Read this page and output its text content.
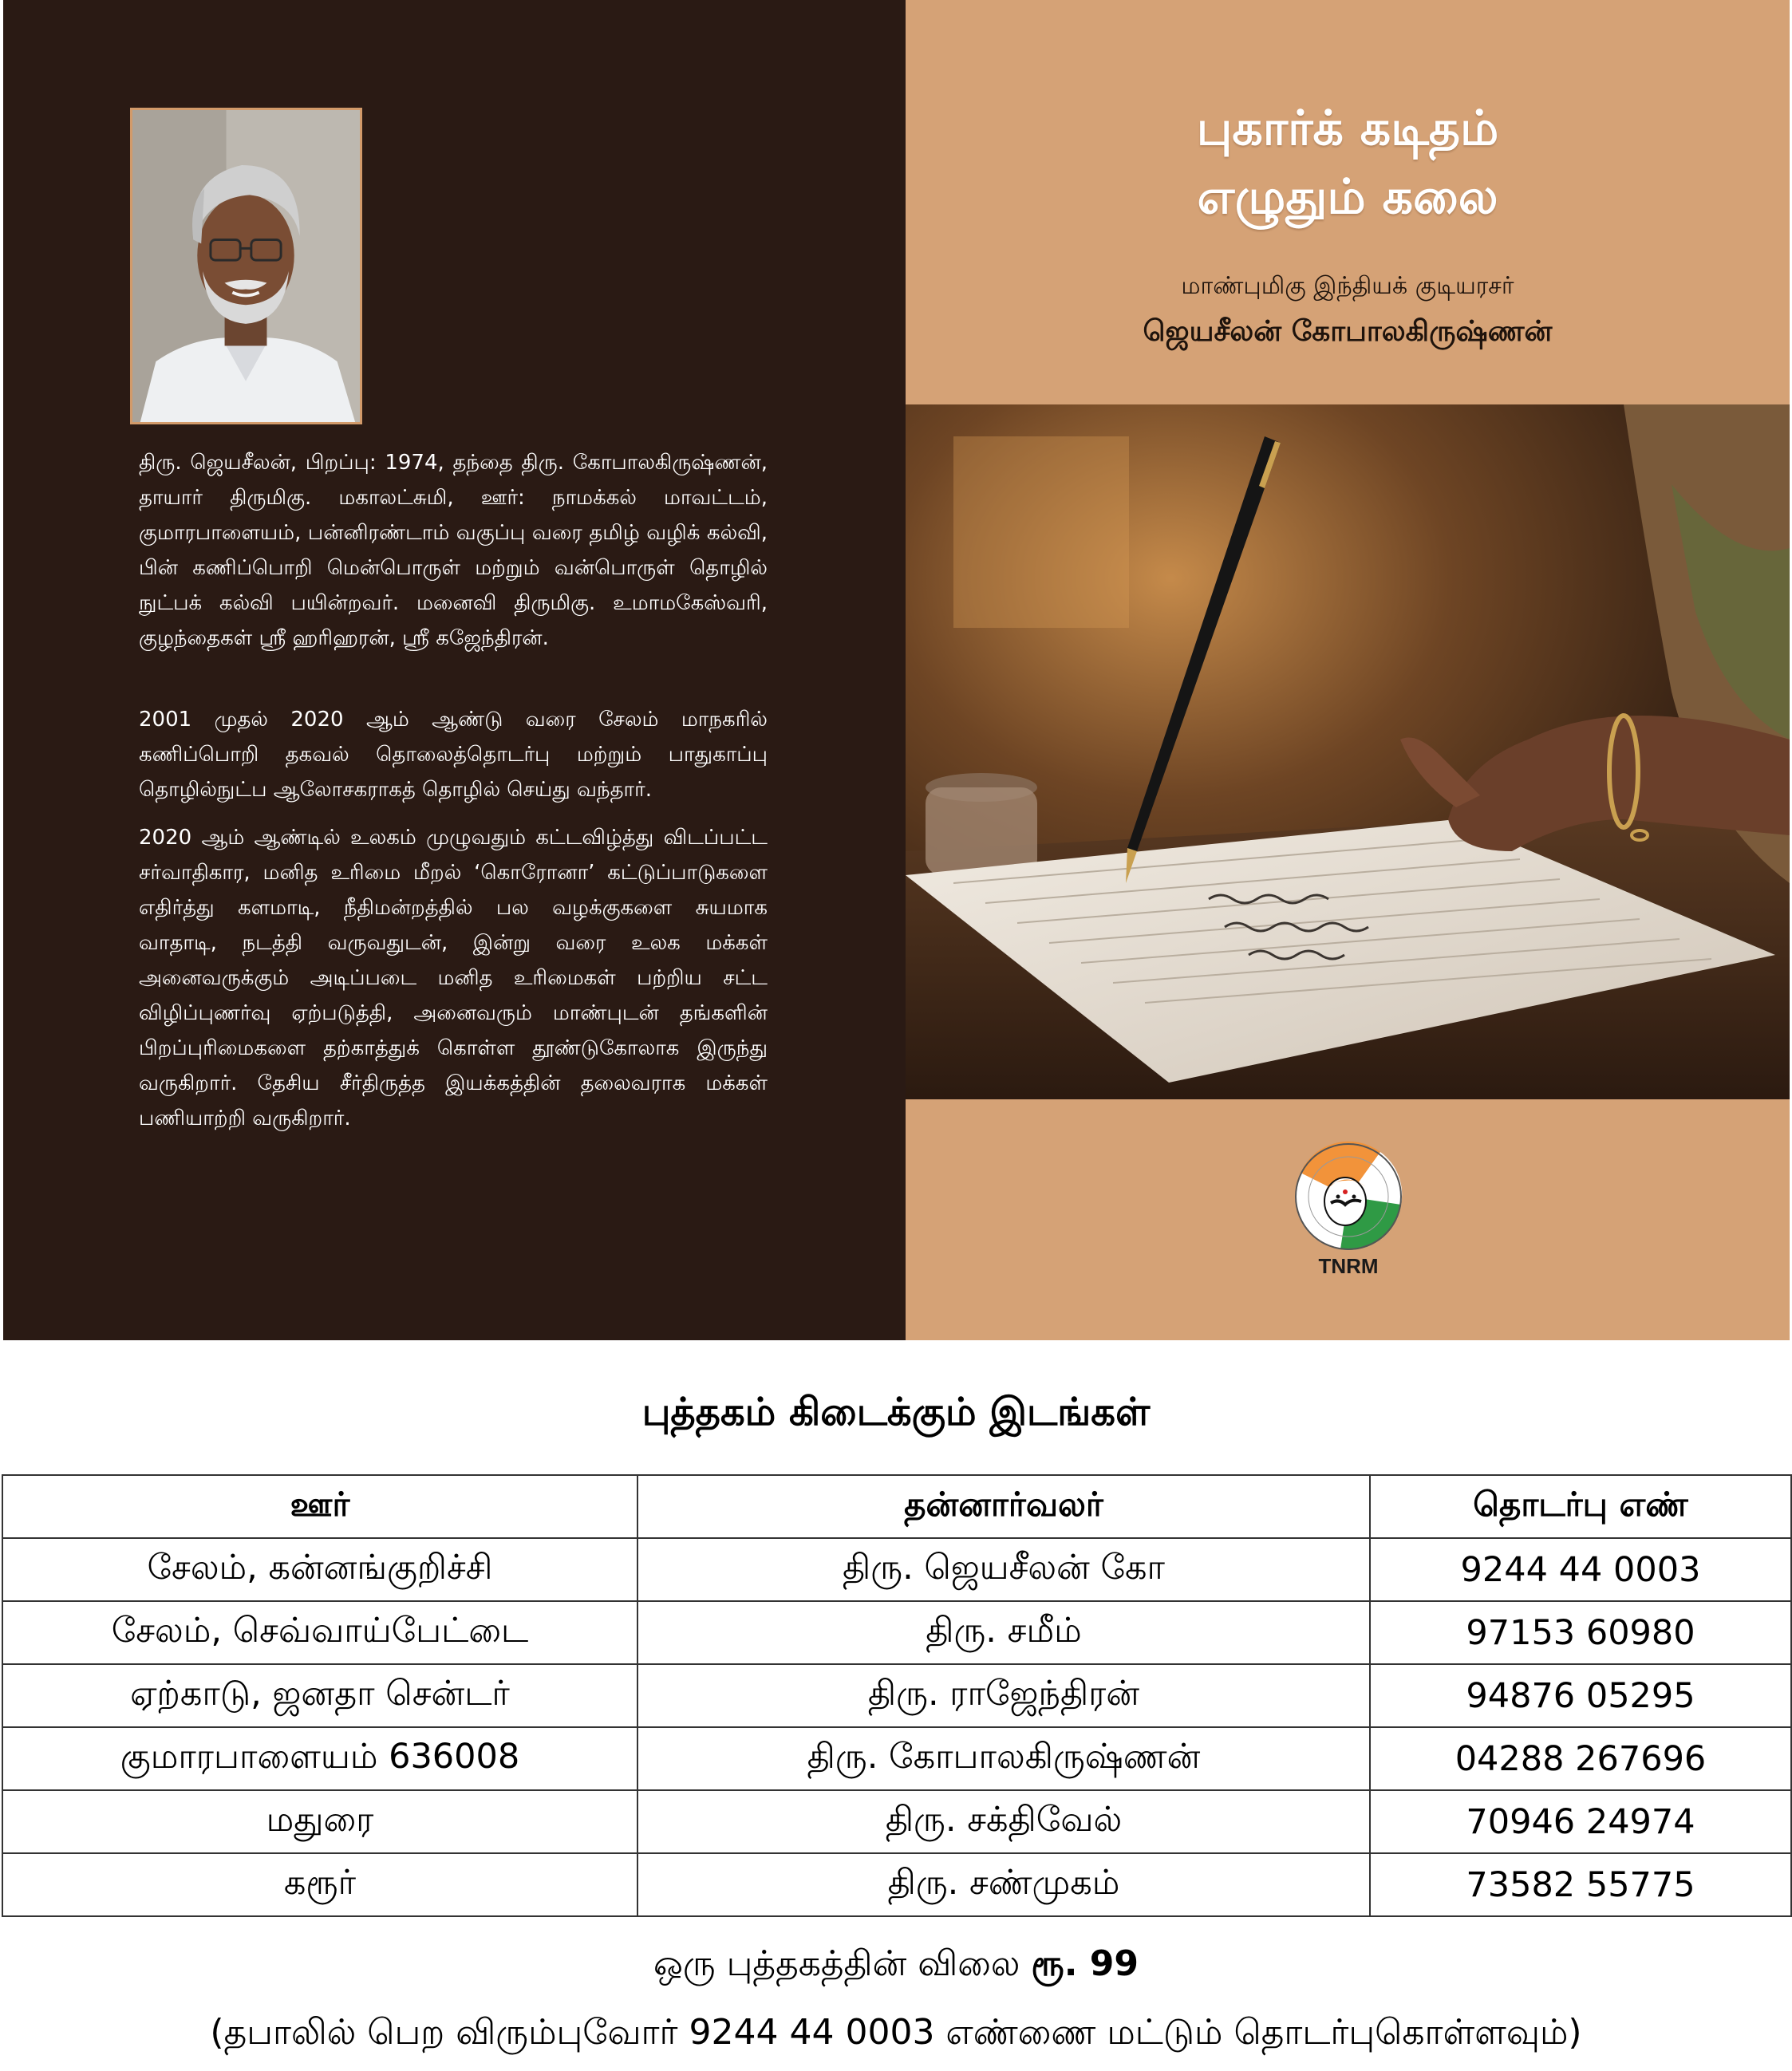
திரு. ஜெயசீலன், பிறப்பு: 1974, தந்தை திரு. கோபாலகிருஷ்ணன், தாயார் திருமிகு. மகாலட்சுமி, ஊர்: நாமக்கல் மாவட்டம், குமாரபாளையம், பன்னிரண்டாம் வகுப்பு வரை தமிழ் வழிக் கல்வி, பின் கணிப்பொறி மென்பொருள் மற்றும் வன்பொருள் தொழில் நுட்பக் கல்வி பயின்றவர். மனைவி திருமிகு. உமாமகேஸ்வரி, குழந்தைகள் ஸ்ரீ ஹரிஹரன், ஸ்ரீ கஜேந்திரன்.

2001 முதல் 2020 ஆம் ஆண்டு வரை சேலம் மாநகரில் கணிப்பொறி தகவல் தொலைத்தொடர்பு மற்றும் பாதுகாப்பு தொழில்நுட்ப ஆலோசகராகத் தொழில் செய்து வந்தார்.

2020 ஆம் ஆண்டில் உலகம் முழுவதும் கட்டவிழ்த்து விடப்பட்ட சர்வாதிகார, மனித உரிமை மீறல் ‘கொரோனா’ கட்டுப்பாடுகளை எதிர்த்து களமாடி, நீதிமன்றத்தில் பல வழக்குகளை சுயமாக வாதாடி, நடத்தி வருவதுடன், இன்று வரை உலக மக்கள் அனைவருக்கும் அடிப்படை மனித உரிமைகள் பற்றிய சட்ட விழிப்புணர்வு ஏற்படுத்தி, அனைவரும் மாண்புடன் தங்களின் பிறப்புரிமைகளை தற்காத்துக் கொள்ள தூண்டுகோலாக இருந்து வருகிறார். தேசிய சீர்திருத்த இயக்கத்தின் தலைவராக மக்கள் பணியாற்றி வருகிறார்.

புகார்க் கடிதம்
எழுதும் கலை
மாண்புமிகு இந்தியக் குடியரசர்
ஜெயசீலன் கோபாலகிருஷ்ணன்
TNRM
புத்தகம் கிடைக்கும் இடங்கள்
ஊர்	தன்னார்வலர்	தொடர்பு எண்
சேலம், கன்னங்குறிச்சி	திரு. ஜெயசீலன் கோ	9244 44 0003
சேலம், செவ்வாய்பேட்டை	திரு. சமீம்	97153 60980
ஏற்காடு, ஜனதா சென்டர்	திரு. ராஜேந்திரன்	94876 05295
குமாரபாளையம் 636008	திரு. கோபாலகிருஷ்ணன்	04288 267696
மதுரை	திரு. சக்திவேல்	70946 24974
கரூர்	திரு. சண்முகம்	73582 55775
ஒரு புத்தகத்தின் விலை ரூ. 99
(தபாலில் பெற விரும்புவோர் 9244 44 0003 எண்ணை மட்டும் தொடர்புகொள்ளவும்)
